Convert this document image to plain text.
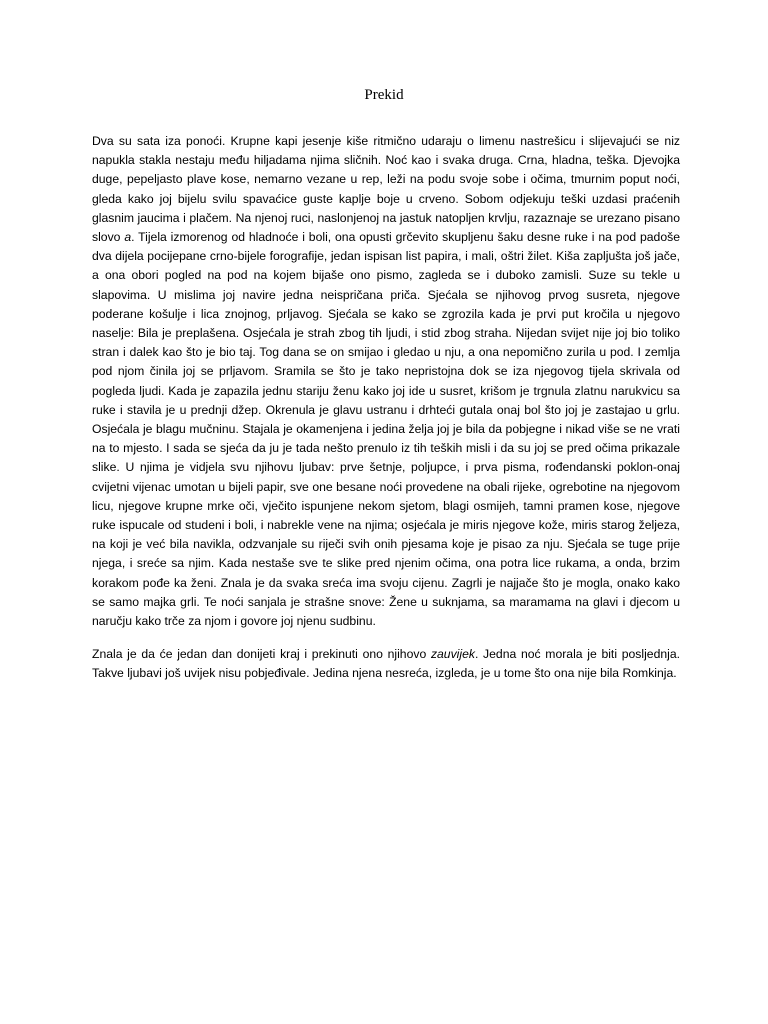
Prekid

Dva su sata iza ponoći. Krupne kapi jesenje kiše ritmično udaraju o limenu nastrešicu i slijevajući se niz napukla stakla nestaju među hiljadama njima sličnih. Noć kao i svaka druga. Crna, hladna, teška. Djevojka duge, pepeljasto plave kose, nemarno vezane u rep, leži na podu svoje sobe i očima, tmurnim poput noći, gleda kako joj bijelu svilu spavaćice guste kaplje boje u crveno. Sobom odjekuju teški uzdasi praćenih glasnim jaucima i plačem. Na njenoj ruci, naslonjenoj na jastuk natopljen krvlju, razaznaje se urezano pisano slovo a. Tijela izmorenog od hladnoće i boli, ona opusti grčevito skupljenu šaku desne ruke i na pod padoše dva dijela pocijepane crno-bijele forografije, jedan ispisan list papira, i mali, oštri žilet. Kiša zapljušta još jače, a ona obori pogled na pod na kojem bijaše ono pismo, zagleda se i duboko zamisli. Suze su tekle u slapovima. U mislima joj navire jedna neispričana priča. Sjećala se njihovog prvog susreta, njegove poderane košulje i lica znojnog, prljavog. Sjećala se kako se zgrozila kada je prvi put kročila u njegovo naselje: Bila je preplašena. Osjećala je strah zbog tih ljudi, i stid zbog straha. Nijedan svijet nije joj bio toliko stran i dalek kao što je bio taj. Tog dana se on smijao i gledao u nju, a ona nepomično zurila u pod. I zemlja pod njom činila joj se prljavom. Sramila se što je tako nepristojna dok se iza njegovog tijela skrivala od pogleda ljudi. Kada je zapazila jednu stariju ženu kako joj ide u susret, krišom je trgnula zlatnu narukvicu sa ruke i stavila je u prednji džep. Okrenula je glavu ustranu i drhteći gutala onaj bol što joj je zastajao u grlu. Osjećala je blagu mučninu. Stajala je okamenjena i jedina želja joj je bila da pobjegne i nikad više se ne vrati na to mjesto. I sada se sjeća da ju je tada nešto prenulo iz tih teških misli i da su joj se pred očima prikazale slike. U njima je vidjela svu njihovu ljubav: prve šetnje, poljupce, i prva pisma, rođendanski poklon-onaj cvijetni vijenac umotan u bijeli papir, sve one besane noći provedene na obali rijeke, ogrebotine na njegovom licu, njegove krupne mrke oči, vječito ispunjene nekom sjetom, blagi osmijeh, tamni pramen kose, njegove ruke ispucale od studeni i boli, i nabrekle vene na njima; osjećala je miris njegove kože, miris starog željeza, na koji je već bila navikla, odzvanjale su riječi svih onih pjesama koje je pisao za nju. Sjećala se tuge prije njega, i sreće sa njim. Kada nestaše sve te slike pred njenim očima, ona potra lice rukama, a onda, brzim korakom pođe ka ženi. Znala je da svaka sreća ima svoju cijenu. Zagrli je najjače što je mogla, onako kako se samo majka grli. Te noći sanjala je strašne snove: Žene u suknjama, sa maramama na glavi i djecom u naručju kako trče za njom i govore joj njenu sudbinu.

Znala je da će jedan dan donijeti kraj i prekinuti ono njihovo zauvijek. Jedna noć morala je biti posljednja. Takve ljubavi još uvijek nisu pobjeđivale. Jedina njena nesreća, izgleda, je u tome što ona nije bila Romkinja.
